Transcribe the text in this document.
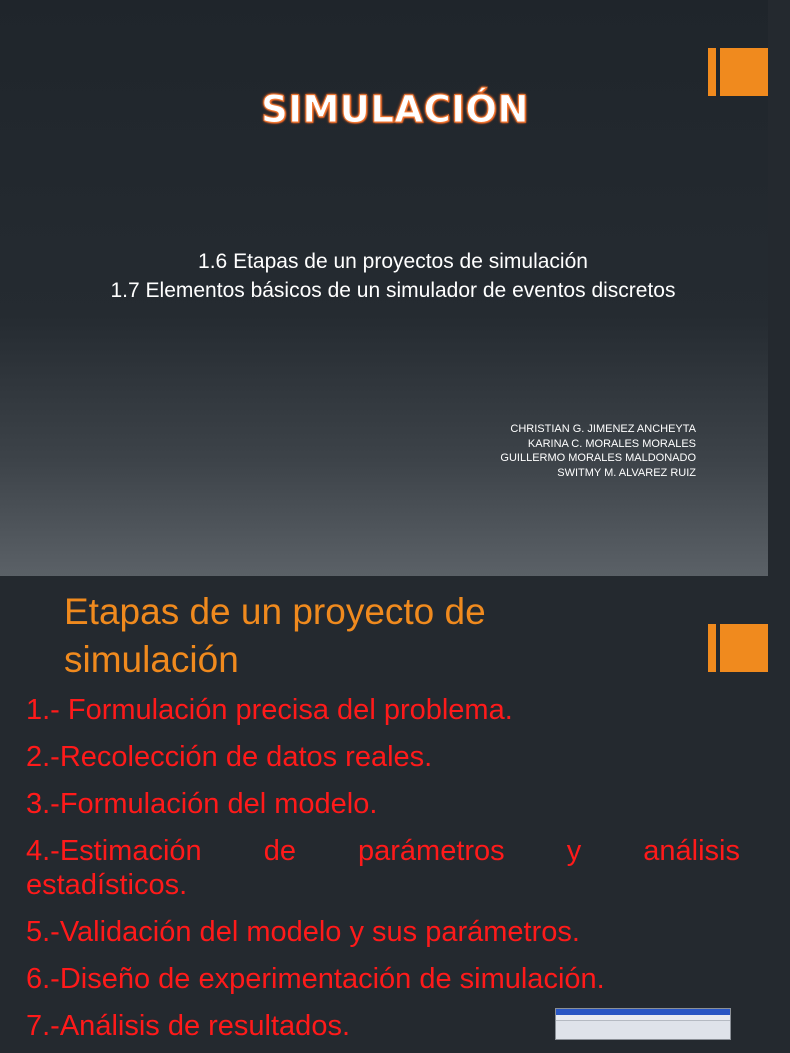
SIMULACIÓN
1.6 Etapas de un proyectos de simulación
1.7 Elementos básicos de un simulador de eventos discretos
CHRISTIAN G. JIMENEZ ANCHEYTA
KARINA C. MORALES MORALES
GUILLERMO MORALES MALDONADO
SWITMY M. ALVAREZ RUIZ
Etapas de un proyecto de
simulación
1.- Formulación precisa del problema.
2.-Recolección de datos reales.
3.-Formulación del modelo.
4.-Estimación de parámetros y análisis
estadísticos.
5.-Validación del modelo y sus parámetros.
6.-Diseño de experimentación de simulación.
7.-Análisis de resultados.
